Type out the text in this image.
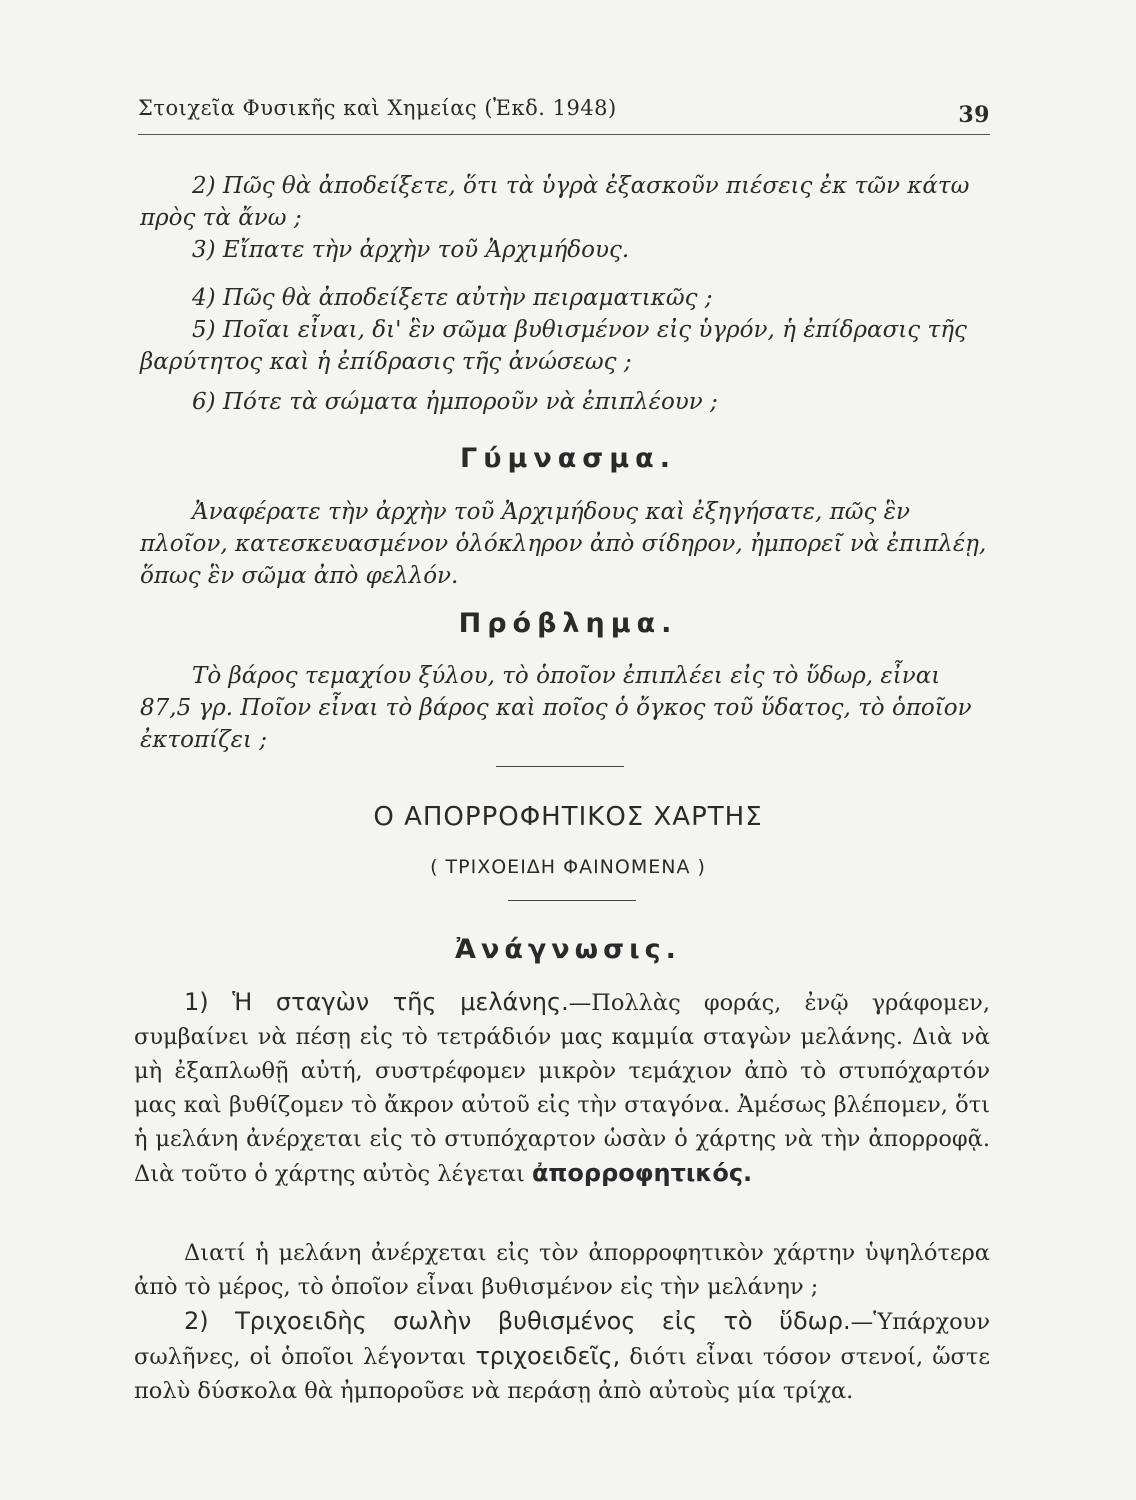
Στοιχεῖα Φυσικῆς καὶ Χημείας (Ἐκδ. 1948)	39

2) Πῶς θὰ ἀποδείξετε, ὅτι τὰ ὑγρὰ ἐξασκοῦν πιέσεις ἐκ τῶν κάτω πρὸς τὰ ἄνω ;

3) Εἴπατε τὴν ἀρχὴν τοῦ Ἀρχιμήδους.

4) Πῶς θὰ ἀποδείξετε αὐτὴν πειραματικῶς ;

5) Ποῖαι εἶναι, δι' ἓν σῶμα βυθισμένον εἰς ὑγρόν, ἡ ἐπίδρασις τῆς βαρύτητος καὶ ἡ ἐπίδρασις τῆς ἀνώσεως ;

6) Πότε τὰ σώματα ἠμποροῦν νὰ ἐπιπλέουν ;

Γύμνασμα.

Ἀναφέρατε τὴν ἀρχὴν τοῦ Ἀρχιμήδους καὶ ἐξηγήσατε, πῶς ἓν πλοῖον, κατεσκευασμένον ὁλόκληρον ἀπὸ σίδηρον, ἠμπορεῖ νὰ ἐπιπλέῃ, ὅπως ἓν σῶμα ἀπὸ φελλόν.

Πρόβλημα.

Τὸ βάρος τεμαχίου ξύλου, τὸ ὁποῖον ἐπιπλέει εἰς τὸ ὕδωρ, εἶναι 87,5 γρ. Ποῖον εἶναι τὸ βάρος καὶ ποῖος ὁ ὄγκος τοῦ ὕδατος, τὸ ὁποῖον ἐκτοπίζει ;

Ο ΑΠΟΡΡΟΦΗΤΙΚΟΣ ΧΑΡΤΗΣ
( ΤΡΙΧΟΕΙΔΗ ΦΑΙΝΟΜΕΝΑ )
Ἀνάγνωσις.

1) Ἡ σταγὼν τῆς μελάνης.—Πολλὰς φοράς, ἐνῷ γράφομεν, συμβαίνει νὰ πέσῃ εἰς τὸ τετράδιόν μας καμμία σταγὼν μελάνης. Διὰ νὰ μὴ ἐξαπλωθῇ αὐτή, συστρέφομεν μικρὸν τεμάχιον ἀπὸ τὸ στυπόχαρτόν μας καὶ βυθίζομεν τὸ ἄκρον αὐτοῦ εἰς τὴν σταγόνα. Ἀμέσως βλέπομεν, ὅτι ἡ μελάνη ἀνέρχεται εἰς τὸ στυπόχαρτον ὡσὰν ὁ χάρτης νὰ τὴν ἀπορροφᾷ. Διὰ τοῦτο ὁ χάρτης αὐτὸς λέγεται ἀπορροφητικός.

Διατί ἡ μελάνη ἀνέρχεται εἰς τὸν ἀπορροφητικὸν χάρτην ὑψηλότερα ἀπὸ τὸ μέρος, τὸ ὁποῖον εἶναι βυθισμένον εἰς τὴν μελάνην ;

2) Τριχοειδὴς σωλὴν βυθισμένος εἰς τὸ ὕδωρ.—Ὑπάρχουν σωλῆνες, οἱ ὁποῖοι λέγονται τριχοειδεῖς, διότι εἶναι τόσον στενοί, ὥστε πολὺ δύσκολα θὰ ἠμποροῦσε νὰ περάσῃ ἀπὸ αὐτοὺς μία τρίχα.
